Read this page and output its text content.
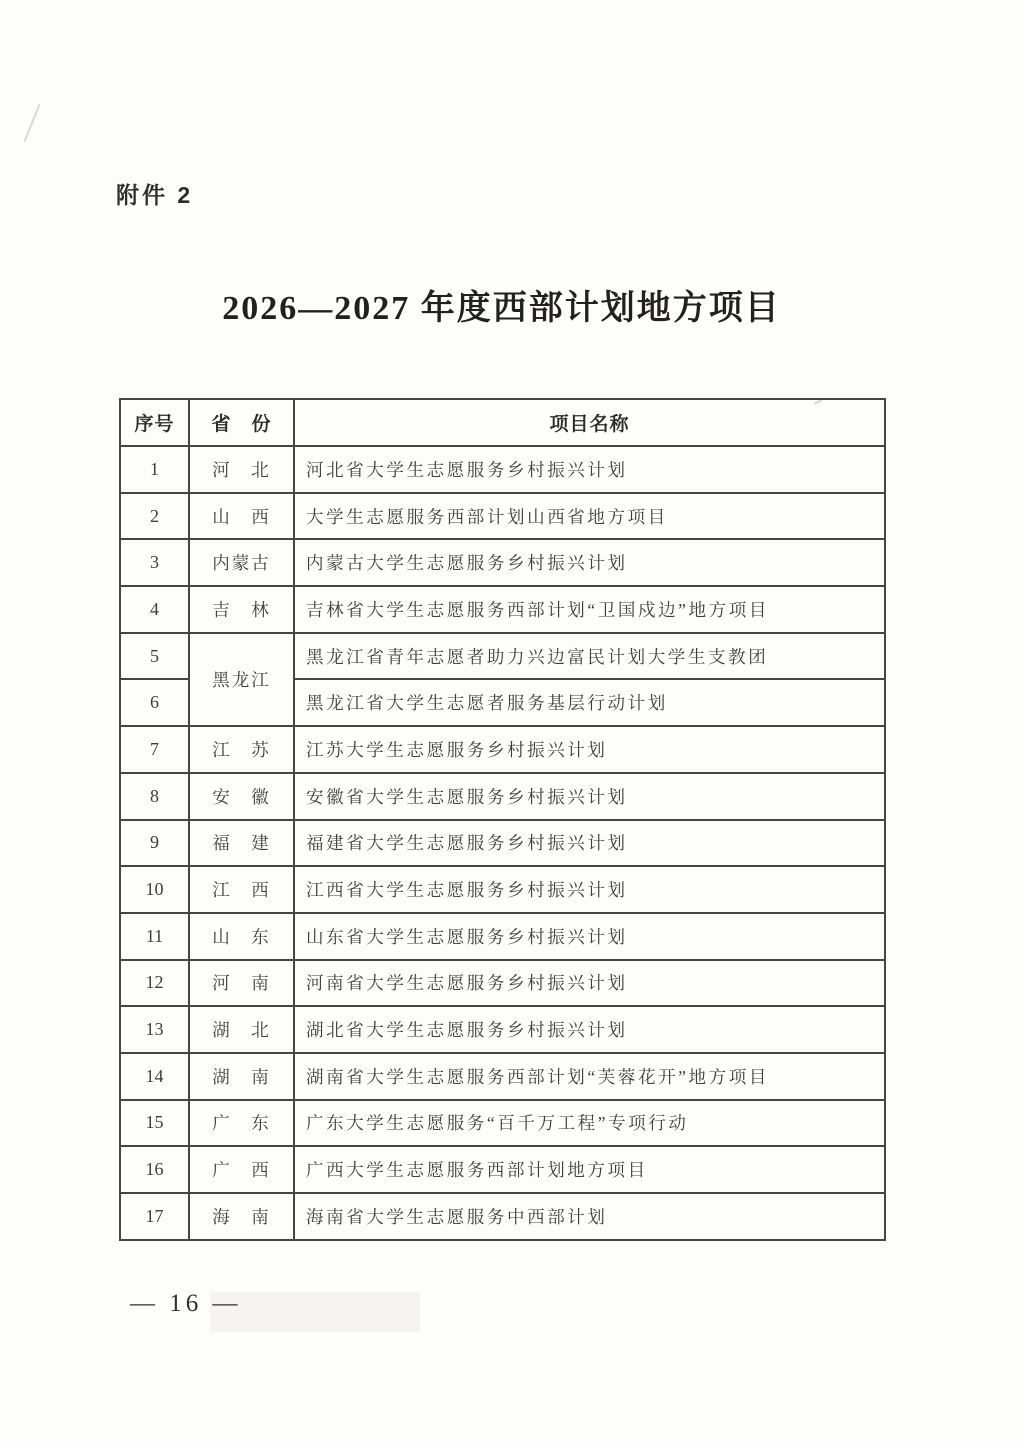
附件 2
2026—2027 年度西部计划地方项目
序号	省　份	项目名称
1	河　北	河北省大学生志愿服务乡村振兴计划
2	山　西	大学生志愿服务西部计划山西省地方项目
3	内蒙古	内蒙古大学生志愿服务乡村振兴计划
4	吉　林	吉林省大学生志愿服务西部计划“卫国戍边”地方项目
5	黑龙江	黑龙江省青年志愿者助力兴边富民计划大学生支教团
6		黑龙江省大学生志愿者服务基层行动计划
7	江　苏	江苏大学生志愿服务乡村振兴计划
8	安　徽	安徽省大学生志愿服务乡村振兴计划
9	福　建	福建省大学生志愿服务乡村振兴计划
10	江　西	江西省大学生志愿服务乡村振兴计划
11	山　东	山东省大学生志愿服务乡村振兴计划
12	河　南	河南省大学生志愿服务乡村振兴计划
13	湖　北	湖北省大学生志愿服务乡村振兴计划
14	湖　南	湖南省大学生志愿服务西部计划“芙蓉花开”地方项目
15	广　东	广东大学生志愿服务“百千万工程”专项行动
16	广　西	广西大学生志愿服务西部计划地方项目
17	海　南	海南省大学生志愿服务中西部计划
— 16 —
